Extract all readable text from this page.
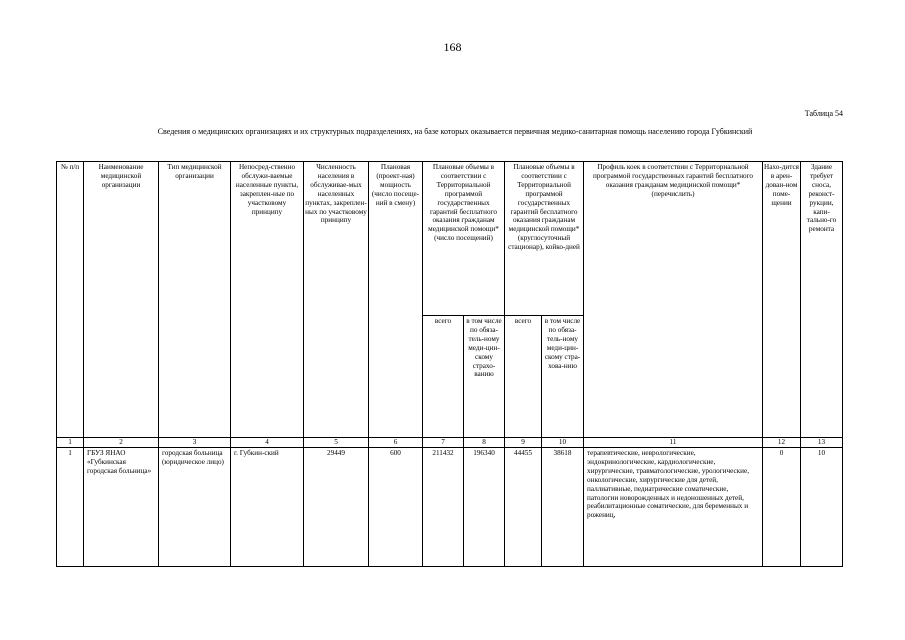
168
Таблица 54
Сведения о медицинских организациях и их структурных подразделениях, на базе которых оказывается первичная медико-санитарная помощь населению города Губкинский
№ п/п	Наименование медицинской организации	Тип медицинской организации	Непосред-ственно обслужи-ваемые населенные пункты, закреплен-ные по участковому принципу	Численность населения в обслуживае-мых населенных пунктах, закреплен-ных по участковому принципу	Плановая (проект-ная) мощность (число посеще-ний в смену)	Плановые объемы в соответствии с Территориальной программой государственных гарантий бесплатного оказания гражданам медицинской помощи* (число посещений)		Плановые объемы в соответствии с Территориальной программой государственных гарантий бесплатного оказания гражданам медицинской помощи* (круглосуточный стационар), койко-дней		Профиль коек в соответствии с Территориальной программой государственных гарантий бесплатного оказания гражданам медицинской помощи* (перечислить)	Нахо-дится в арен-дован-ном поме-щении	Здание требует сноса, реконст-рукции, капи-тально-го ремонта
						всего	в том числе по обяза-тель-ному меди-цин-скому страхо-ванию	всего	в том числе по обяза-тель-ному меди-цин-скому стра-хова-нию			
1	2	3	4	5	6	7	8	9	10	11	12	13
1	ГБУЗ ЯНАО «Губкинская городская больница»	городская больница (юридическое лицо)	г. Губкин-ский	29449	600	211432	196340	44455	38618	терапевтические, неврологические, эндокринологические, кардиологические, хирургические, травматологические, урологические, онкологические, хирургические для детей, паллиативные, педиатрические соматические, патологии новорожденных и недоношенных детей, реабилитационные соматические, для беременных и рожениц,	0	10
